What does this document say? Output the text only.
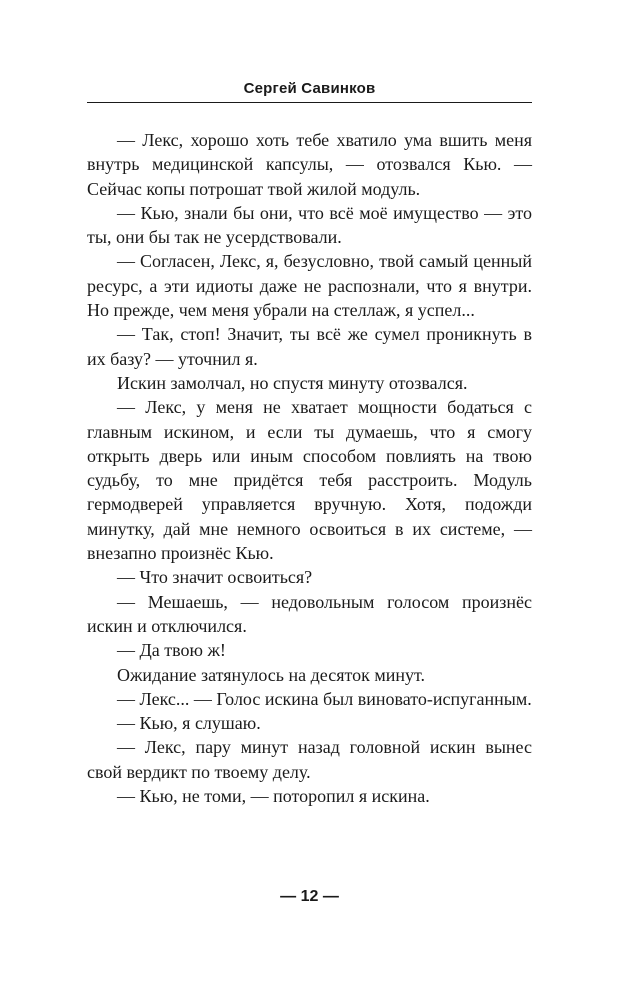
Сергей Савинков

— Лекс, хорошо хоть тебе хватило ума вшить меня внутрь медицинской капсулы, — отозвался Кью. — Сейчас копы потрошат твой жилой модуль.

— Кью, знали бы они, что всё моё имущество — это ты, они бы так не усердствовали.

— Согласен, Лекс, я, безусловно, твой самый ценный ресурс, а эти идиоты даже не распознали, что я внутри. Но прежде, чем меня убрали на стеллаж, я успел...

— Так, стоп! Значит, ты всё же сумел проникнуть в их базу? — уточнил я.

Искин замолчал, но спустя минуту отозвался.

— Лекс, у меня не хватает мощности бодаться с главным искином, и если ты думаешь, что я смогу открыть дверь или иным способом повлиять на твою судьбу, то мне придётся тебя расстроить. Модуль гермодверей управляется вручную. Хотя, подожди минутку, дай мне немного освоиться в их системе, — внезапно произнёс Кью.

— Что значит освоиться?

— Мешаешь, — недовольным голосом произнёс искин и отключился.

— Да твою ж!

Ожидание затянулось на десяток минут.

— Лекс... — Голос искина был виновато-испуганным.

— Кью, я слушаю.

— Лекс, пару минут назад головной искин вынес свой вердикт по твоему делу.

— Кью, не томи, — поторопил я искина.

— 12 —
